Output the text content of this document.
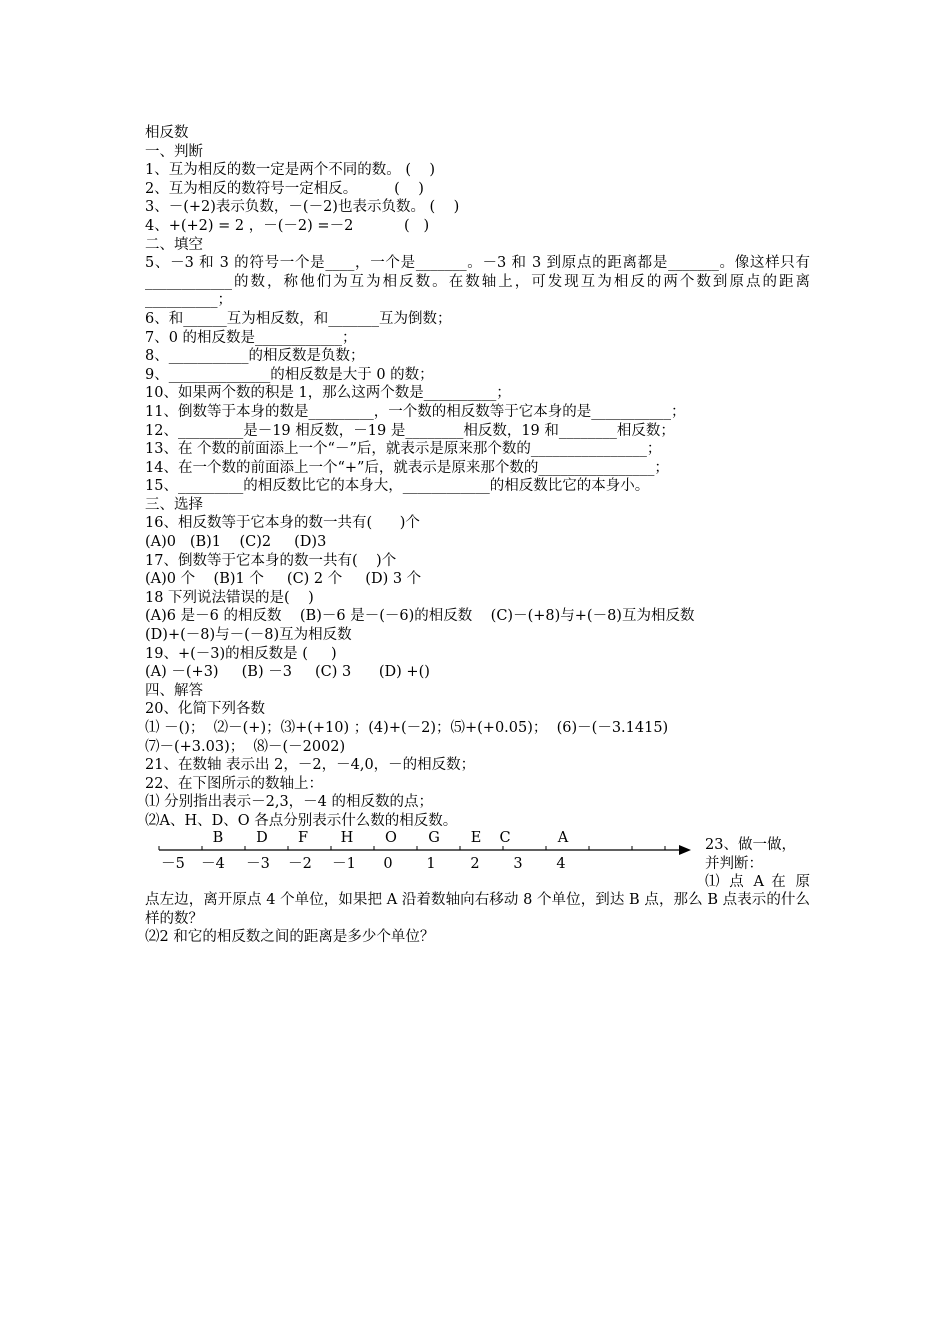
相反数
一、判断
1、互为相反的数一定是两个不同的数。 (    )
2、互为相反的数符号一定相反。        (    )
3、－(+2)表示负数，－(－2)也表示负数。 (    )
4、+(+2) = 2 ，－(－2) =－2           (   )
二、填空
5、－3 和 3 的符号一个是____，一个是_______。－3 和 3 到原点的距离都是_______。像这样只有____________的数，称他们为互为相反数。在数轴上，可发现互为相反的两个数到原点的距离__________；
6、和______互为相反数，和_______互为倒数；
7、0 的相反数是____________；
8、___________的相反数是负数；
9、______________的相反数是大于 0 的数；
10、如果两个数的积是 1，那么这两个数是__________；
11、倒数等于本身的数是_________，一个数的相反数等于它本身的是___________；
12、_________是－19 相反数，－19 是________相反数，19 和________相反数；
13、在 个数的前面添上一个“－”后，就表示是原来那个数的________________；
14、在一个数的前面添上一个“+”后，就表示是原来那个数的________________；
15、_________的相反数比它的本身大，____________的相反数比它的本身小。
三、选择
16、相反数等于它本身的数一共有(      )个
(A)0   (B)1    (C)2     (D)3
17、倒数等于它本身的数一共有(    )个
(A)0 个    (B)1 个     (C) 2 个     (D) 3 个
18 下列说法错误的是(    )
(A)6 是－6 的相反数    (B)－6 是－(－6)的相反数    (C)－(+8)与+(－8)互为相反数
(D)+(－8)与－(－8)互为相反数
19、+(－3)的相反数是 (     )
(A) －(+3)     (B) －3     (C) 3      (D) +()
四、解答
20、化简下列各数
⑴ －()；  ⑵－(+)；⑶+(+10) ；(4)+(－2)；⑸+(+0.05)；  (6)－(－3.1415)
⑺－(+3.03)；  ⑻－(－2002)
21、在数轴 表示出 2，－2，－4,0，－的相反数；
22、在下图所示的数轴上：
⑴ 分别指出表示－2,3，－4 的相反数的点；
⑵A、H、D、O 各点分别表示什么数的相反数。
B D F H O G E C	A
－5 －4 －3 －2 －1 0 1 2 3 4
23、做一做，
并判断：
⑴ 点 A 在 原
点左边，离开原点 4 个单位，如果把 A 沿着数轴向右移动 8 个单位，到达 B 点，那么 B 点表示的什么样的数？
⑵2 和它的相反数之间的距离是多少个单位？
